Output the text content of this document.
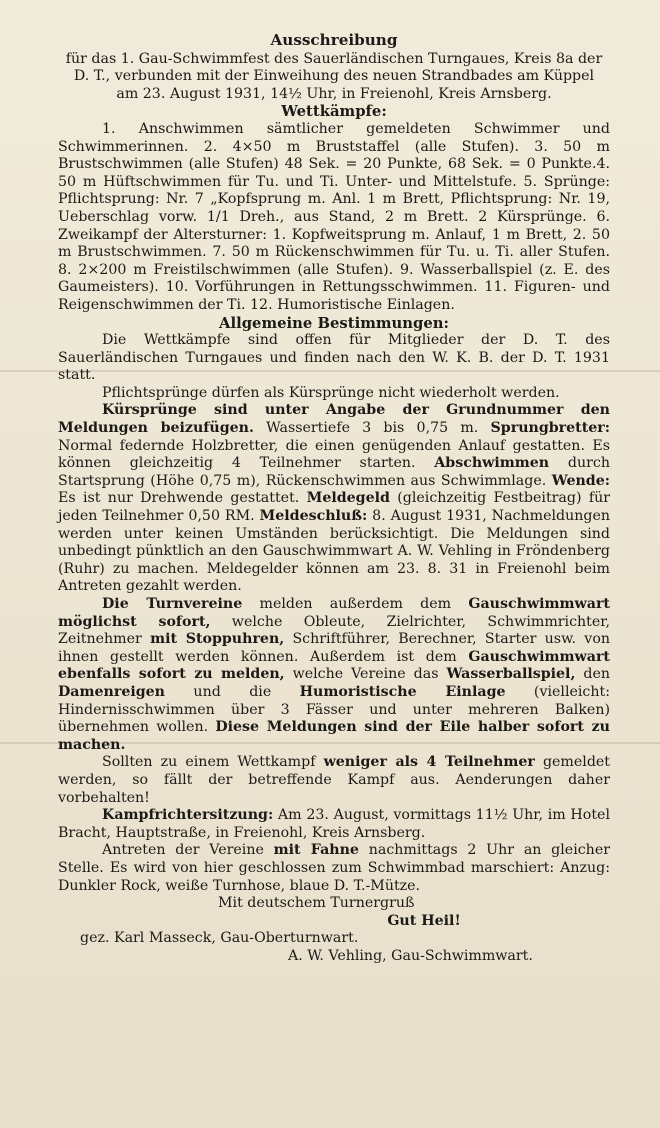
Ausschreibung
für das 1. Gau-Schwimmfest des Sauerländischen Turngaues, Kreis 8a der D. T., verbunden mit der Einweihung des neuen Strandbades am Küppel am 23. August 1931, 14½ Uhr, in Freienohl, Kreis Arnsberg.
Wettkämpfe:

1. Anschwimmen sämtlicher gemeldeten Schwimmer und Schwimmerinnen. 2. 4×50 m Bruststaffel (alle Stufen). 3. 50 m Brustschwimmen (alle Stufen) 48 Sek. = 20 Punkte, 68 Sek. = 0 Punkte.4. 50 m Hüftschwimmen für Tu. und Ti. Unter- und Mittelstufe. 5. Sprünge: Pflichtsprung: Nr. 7 „Kopfsprung m. Anl. 1 m Brett, Pflichtsprung: Nr. 19, Ueberschlag vorw. 1/1 Dreh., aus Stand, 2 m Brett. 2 Kürsprünge. 6. Zweikampf der Altersturner: 1. Kopfweitsprung m. Anlauf, 1 m Brett, 2. 50 m Brustschwimmen. 7. 50 m Rückenschwimmen für Tu. u. Ti. aller Stufen. 8. 2×200 m Freistilschwimmen (alle Stufen). 9. Wasserballspiel (z. E. des Gaumeisters). 10. Vorführungen in Rettungsschwimmen. 11. Figuren- und Reigenschwimmen der Ti. 12. Humoristische Einlagen.

Allgemeine Bestimmungen:

Die Wettkämpfe sind offen für Mitglieder der D. T. des Sauerländischen Turngaues und finden nach den W. K. B. der D. T. 1931 statt.

Pflichtsprünge dürfen als Kürsprünge nicht wiederholt werden.

Kürsprünge sind unter Angabe der Grundnummer den Meldungen beizufügen. Wassertiefe 3 bis 0,75 m. Sprungbretter: Normal federnde Holzbretter, die einen genügenden Anlauf gestatten. Es können gleichzeitig 4 Teilnehmer starten. Abschwimmen durch Startsprung (Höhe 0,75 m), Rückenschwimmen aus Schwimmlage. Wende: Es ist nur Drehwende gestattet. Meldegeld (gleichzeitig Festbeitrag) für jeden Teilnehmer 0,50 RM. Meldeschluß: 8. August 1931, Nachmeldungen werden unter keinen Umständen berücksichtigt. Die Meldungen sind unbedingt pünktlich an den Gauschwimmwart A. W. Vehling in Fröndenberg (Ruhr) zu machen. Meldegelder können am 23. 8. 31 in Freienohl beim Antreten gezahlt werden.

Die Turnvereine melden außerdem dem Gauschwimmwart möglichst sofort, welche Obleute, Zielrichter, Schwimmrichter, Zeitnehmer mit Stoppuhren, Schriftführer, Berechner, Starter usw. von ihnen gestellt werden können. Außerdem ist dem Gauschwimmwart ebenfalls sofort zu melden, welche Vereine das Wasserballspiel, den Damenreigen und die Humoristische Einlage (vielleicht: Hindernisschwimmen über 3 Fässer und unter mehreren Balken) übernehmen wollen. Diese Meldungen sind der Eile halber sofort zu machen.

Sollten zu einem Wettkampf weniger als 4 Teilnehmer gemeldet werden, so fällt der betreffende Kampf aus. Aenderungen daher vorbehalten!

Kampfrichtersitzung: Am 23. August, vormittags 11½ Uhr, im Hotel Bracht, Hauptstraße, in Freienohl, Kreis Arnsberg.

Antreten der Vereine mit Fahne nachmittags 2 Uhr an gleicher Stelle. Es wird von hier geschlossen zum Schwimmbad marschiert: Anzug: Dunkler Rock, weiße Turnhose, blaue D. T.-Mütze.

Mit deutschem Turnergruß
Gut Heil!
gez. Karl Masseck, Gau-Oberturnwart.
A. W. Vehling, Gau-Schwimmwart.
